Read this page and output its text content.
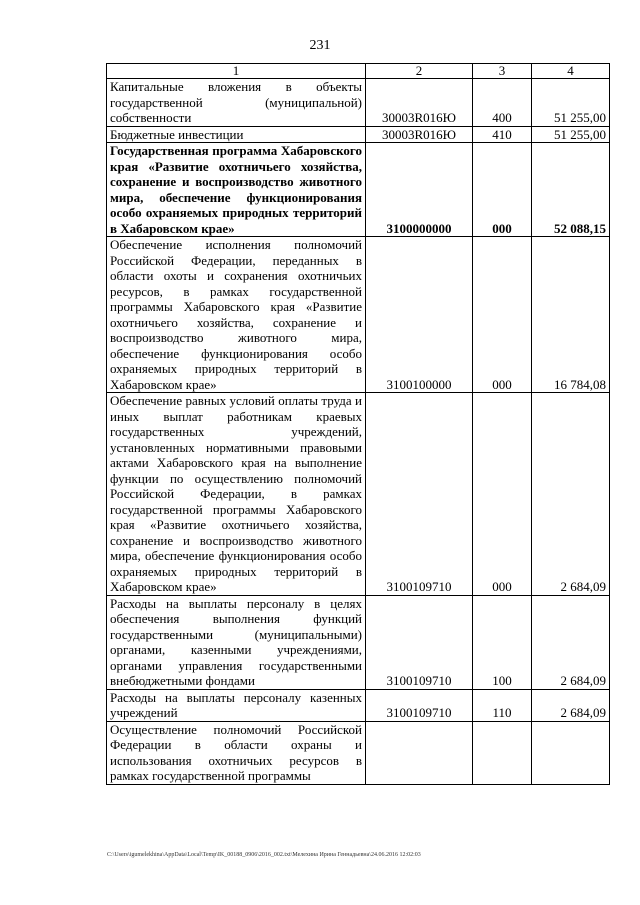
231
1	2	3	4
Капитальные вложения в объекты государственной (муниципальной) собственности	30003R016Ю	400	51 255,00
Бюджетные инвестиции	30003R016Ю	410	51 255,00
Государственная программа Хабаровского края «Развитие охотничьего хозяйства, сохранение и воспроизводство животного мира, обеспечение функционирования особо охраняемых природных территорий в Хабаровском крае»	3100000000	000	52 088,15
Обеспечение исполнения полномочий Российской Федерации, переданных в области охоты и сохранения охотничьих ресурсов, в рамках государственной программы Хабаровского края «Развитие охотничьего хозяйства, сохранение и воспроизводство животного мира, обеспечение функционирования особо охраняемых природных территорий в Хабаровском крае»	3100100000	000	16 784,08
Обеспечение равных условий оплаты труда и иных выплат работникам краевых государственных учреждений, установленных нормативными правовыми актами Хабаровского края на выполнение функции по осуществлению полномочий Российской Федерации, в рамках государственной программы Хабаровского края «Развитие охотничьего хозяйства, сохранение и воспроизводство животного мира, обеспечение функционирования особо охраняемых природных территорий в Хабаровском крае»	3100109710	000	2 684,09
Расходы на выплаты персоналу в целях обеспечения выполнения функций государственными (муниципальными) органами, казенными учреждениями, органами управления государственными внебюджетными фондами	3100109710	100	2 684,09
Расходы на выплаты персоналу казенных учреждений	3100109710	110	2 684,09
Осуществление полномочий Российской Федерации в области охраны и использования охотничьих ресурсов в рамках государственной программы			
C:\Users\igumelekhina\AppData\Local\Temp\IK_00188_0906\2016_002.txt\Мелехина Ирина Геннадьевна\24.06.2016 12:02:03
